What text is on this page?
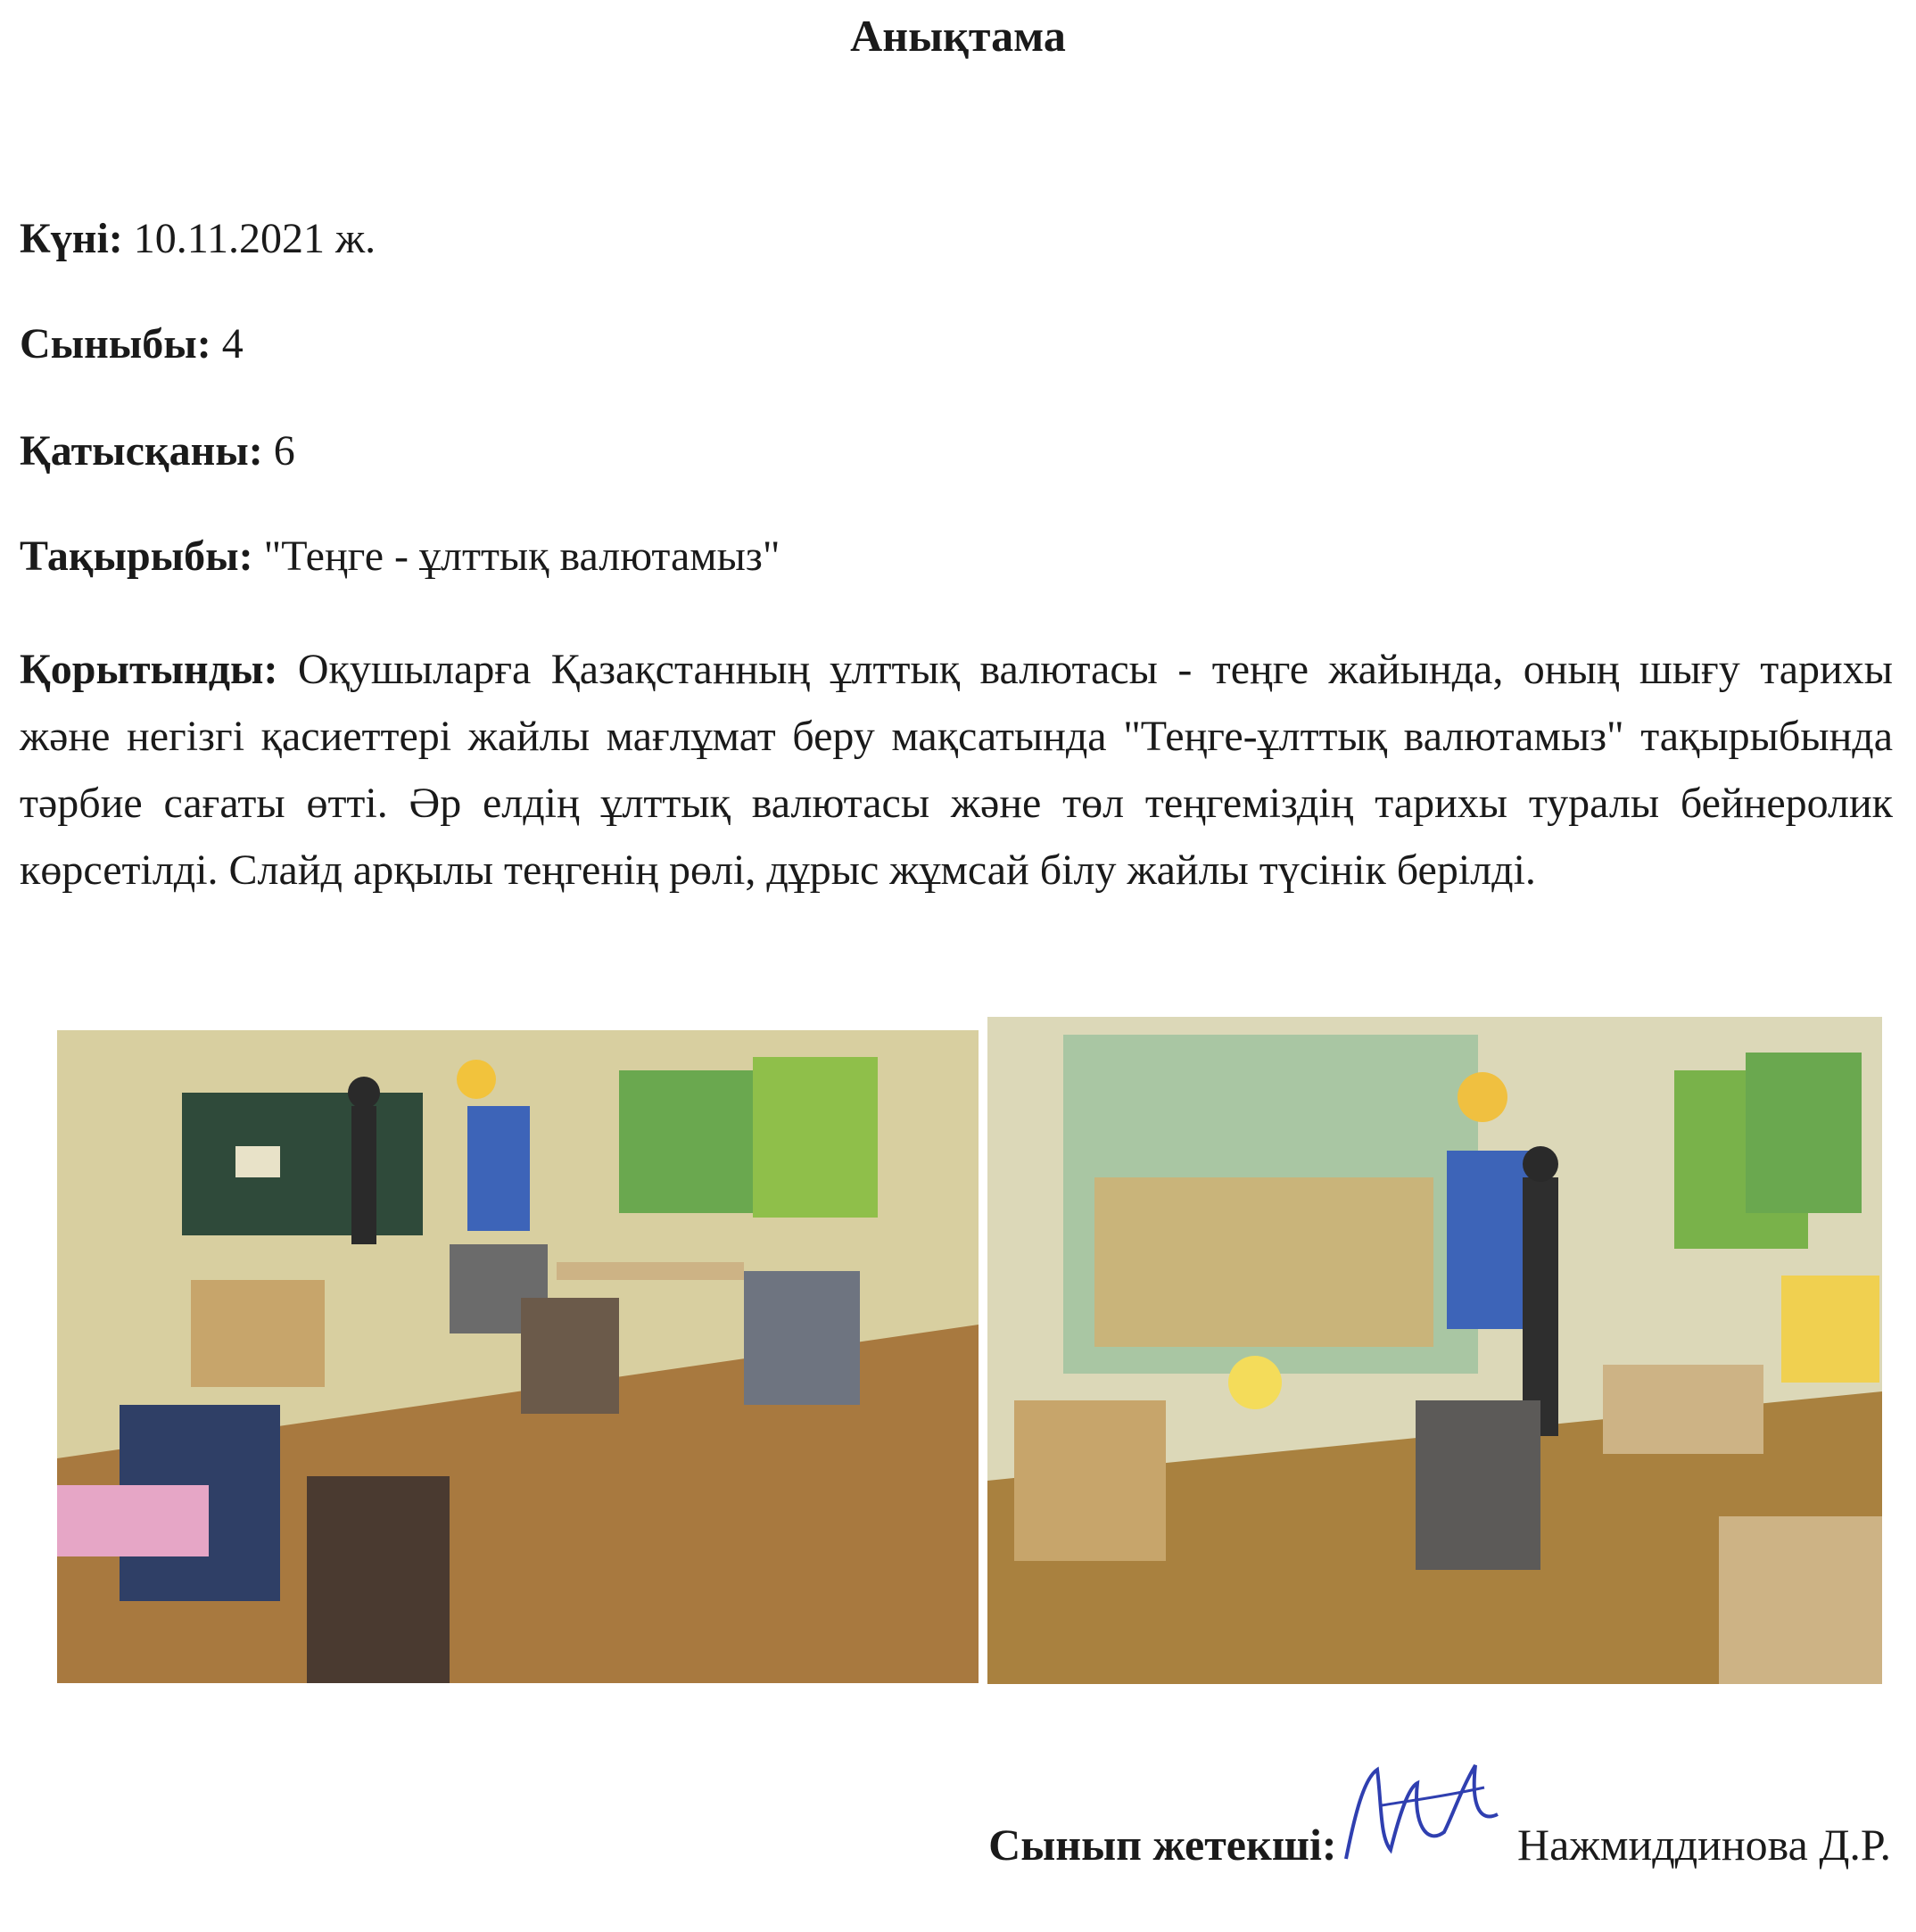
Анықтама
Күні: 10.11.2021 ж.
Сыныбы: 4
Қатысқаны: 6
Тақырыбы: "Теңге - ұлттық валютамыз"
Қорытынды: Оқушыларға Қазақстанның ұлттық валютасы - теңге жайында, оның шығу тарихы және негізгі қасиеттері жайлы мағлұмат беру мақсатында "Теңге-ұлттық валютамыз" тақырыбында тәрбие сағаты өтті. Әр елдің ұлттық валютасы және төл теңгеміздің тарихы туралы бейнеролик көрсетілді. Слайд арқылы теңгенің рөлі, дұрыс жұмсай білу жайлы түсінік берілді.
Сынып жетекші:	Нажмиддинова Д.Р.
